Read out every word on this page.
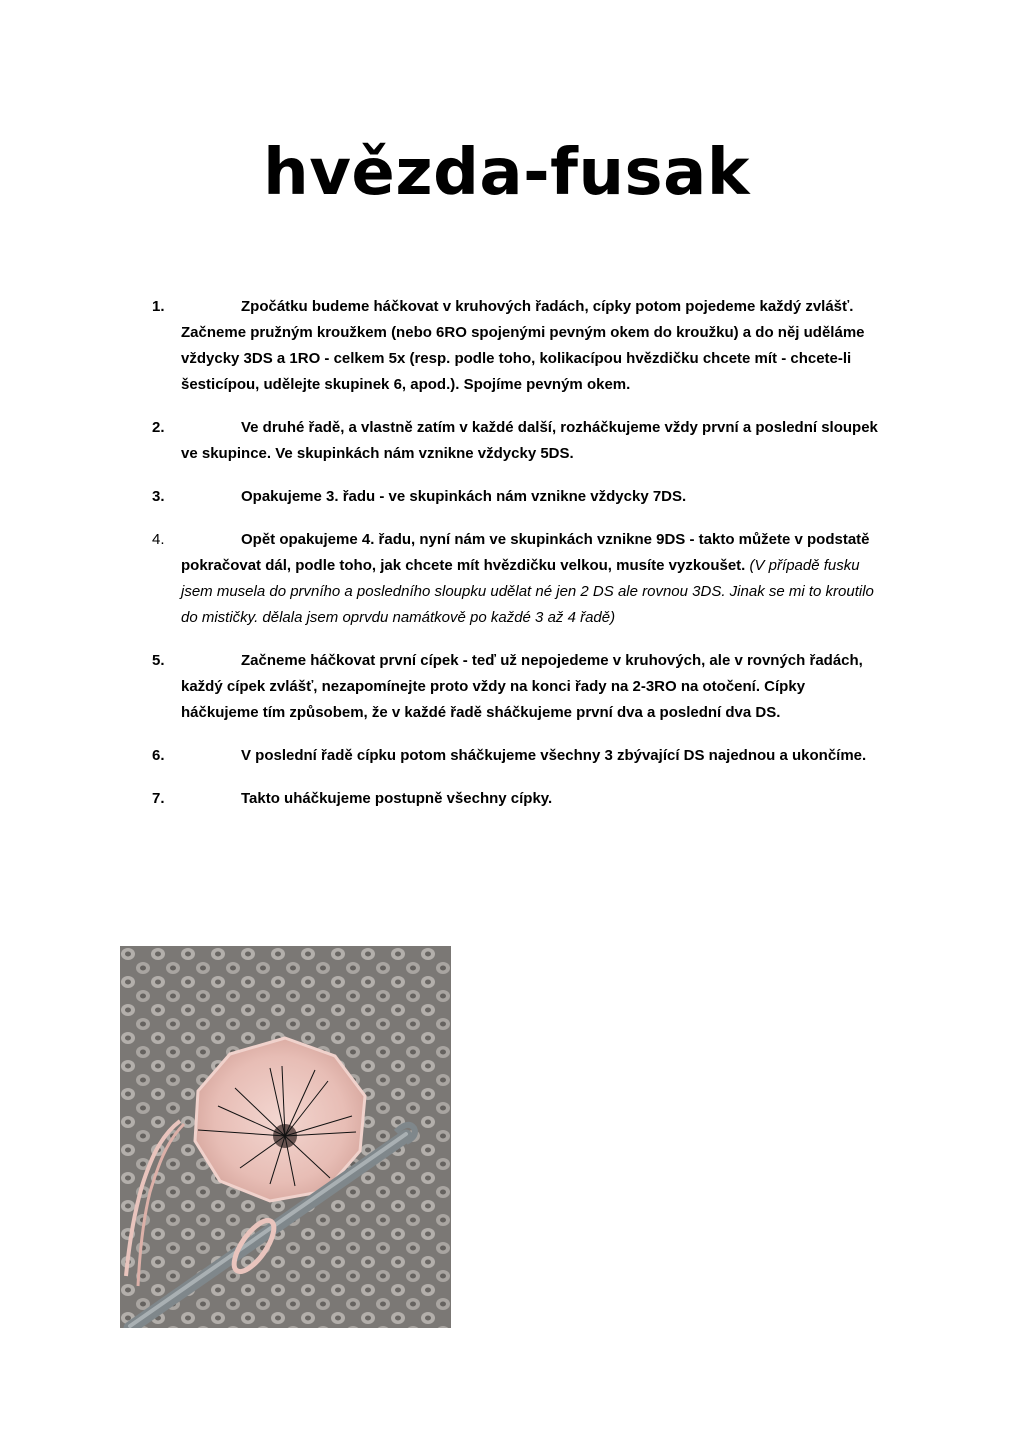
hvězda-fusak
1.	Zpočátku budeme háčkovat v kruhových řadách, cípky potom pojedeme každý zvlášť. Začneme pružným kroužkem (nebo 6RO spojenými pevným okem do kroužku) a do něj uděláme vždycky 3DS a 1RO - celkem 5x (resp. podle toho, kolikacípou hvězdičku chcete mít - chcete-li šesticípou, udělejte skupinek 6, apod.). Spojíme pevným okem.
2.	Ve druhé řadě, a vlastně zatím v každé další, rozháčkujeme vždy první a poslední sloupek ve skupince. Ve skupinkách nám vznikne vždycky 5DS.
3.	Opakujeme 3. řadu - ve skupinkách nám vznikne vždycky 7DS.
4.	Opět opakujeme 4. řadu, nyní nám ve skupinkách vznikne 9DS - takto můžete v podstatě pokračovat dál, podle toho, jak chcete mít hvězdičku velkou, musíte vyzkoušet. (V případě fusku jsem musela do prvního a posledního sloupku udělat né jen 2 DS ale rovnou 3DS. Jinak se mi to kroutilo do mističky. dělala jsem oprvdu namátkově po každé 3 až 4 řadě)
5.	Začneme háčkovat první cípek - teď už nepojedeme v kruhových, ale v rovných řadách, každý cípek zvlášť, nezapomínejte proto vždy na konci řady na 2-3RO na otočení. Cípky háčkujeme tím způsobem, že v každé řadě sháčkujeme první dva a poslední dva DS.
6.	V poslední řadě cípku potom sháčkujeme všechny 3 zbývající DS najednou a ukončíme.
7.	Takto uháčkujeme postupně všechny cípky.
